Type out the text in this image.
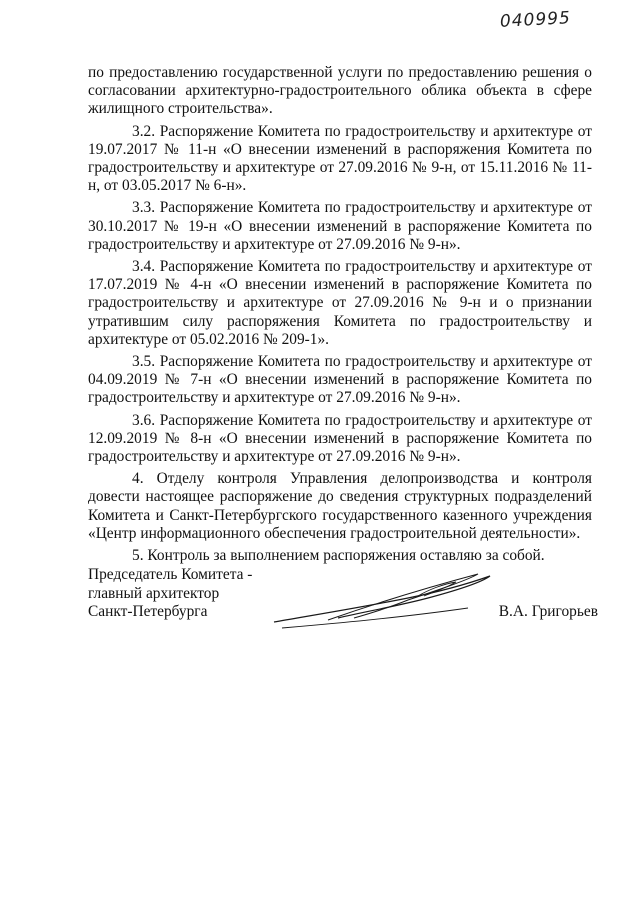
040995

по предоставлению государственной услуги по предоставлению решения о согласовании архитектурно-градостроительного облика объекта в сфере жилищного строительства».

3.2. Распоряжение Комитета по градостроительству и архитектуре от 19.07.2017 № 11-н «О внесении изменений в распоряжения Комитета по градостроительству и архитектуре от 27.09.2016 № 9-н, от 15.11.2016 № 11-н, от 03.05.2017 № 6-н».

3.3. Распоряжение Комитета по градостроительству и архитектуре от 30.10.2017 № 19-н «О внесении изменений в распоряжение Комитета по градостроительству и архитектуре от 27.09.2016 № 9-н».

3.4. Распоряжение Комитета по градостроительству и архитектуре от 17.07.2019 № 4-н «О внесении изменений в распоряжение Комитета по градостроительству и архитектуре от 27.09.2016 № 9-н и о признании утратившим силу распоряжения Комитета по градостроительству и архитектуре от 05.02.2016 № 209-1».

3.5. Распоряжение Комитета по градостроительству и архитектуре от 04.09.2019 № 7-н «О внесении изменений в распоряжение Комитета по градостроительству и архитектуре от 27.09.2016 № 9-н».

3.6. Распоряжение Комитета по градостроительству и архитектуре от 12.09.2019 № 8-н «О внесении изменений в распоряжение Комитета по градостроительству и архитектуре от 27.09.2016 № 9-н».

4. Отделу контроля Управления делопроизводства и контроля довести настоящее распоряжение до сведения структурных подразделений Комитета и Санкт-Петербургского государственного казенного учреждения «Центр информационного обеспечения градостроительной деятельности».

5. Контроль за выполнением распоряжения оставляю за собой.

Председатель Комитета -
главный архитектор
Санкт-Петербурга	В.А. Григорьев
